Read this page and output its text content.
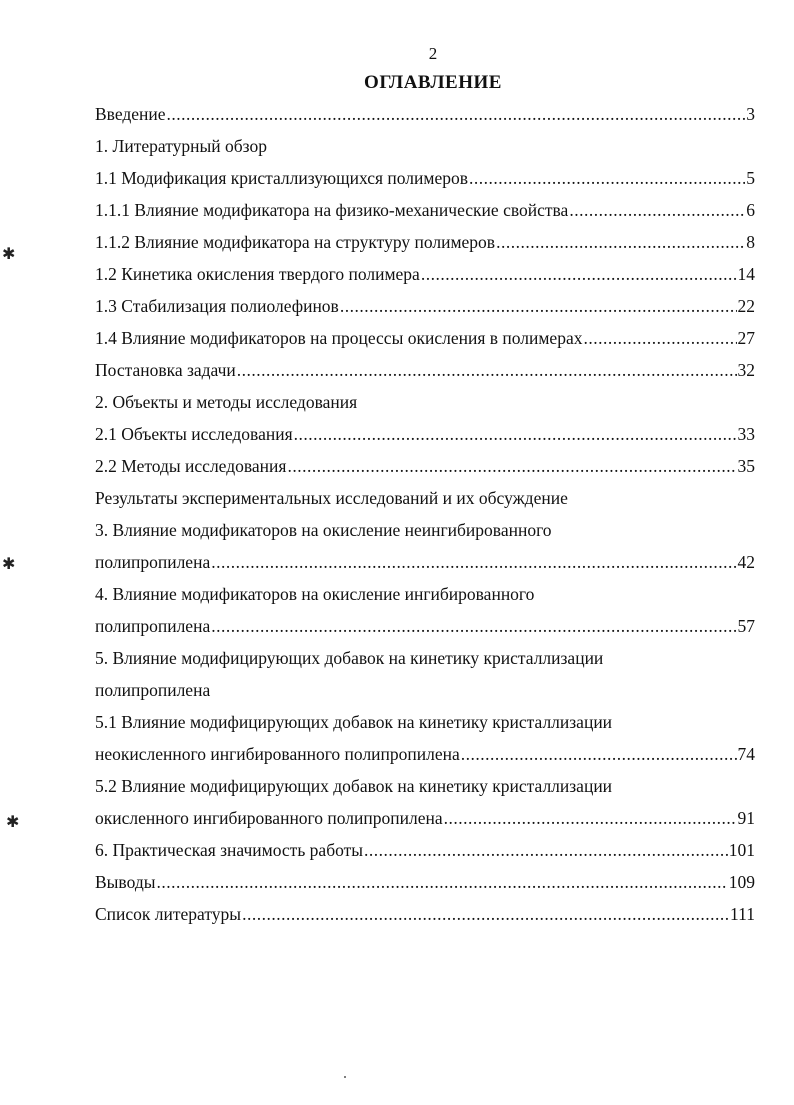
2
ОГЛАВЛЕНИЕ
Введение .....	3
1. Литературный обзор
1.1 Модификация кристаллизующихся полимеров .....	5
1.1.1 Влияние модификатора на физико-механические свойства .....	6
1.1.2 Влияние модификатора на структуру полимеров .....	8
1.2 Кинетика окисления твердого полимера .....	14
1.3 Стабилизация полиолефинов .....	22
1.4 Влияние модификаторов на процессы окисления в полимерах .....	27
Постановка задачи .....	32
2. Объекты и методы исследования
2.1 Объекты исследования .....	33
2.2 Методы исследования .....	35
Результаты экспериментальных исследований и их обсуждение
3. Влияние модификаторов на окисление неингибированного
полипропилена .....	42
4. Влияние модификаторов на окисление ингибированного
полипропилена .....	57
5. Влияние модифицирующих добавок на кинетику кристаллизации
полипропилена
5.1 Влияние модифицирующих добавок на кинетику кристаллизации
неокисленного ингибированного полипропилена .....	74
5.2 Влияние модифицирующих добавок на кинетику кристаллизации
окисленного ингибированного полипропилена .....	91
6. Практическая значимость работы .....	101
Выводы .....	109
Список литературы .....	111
✱
✱
✱
